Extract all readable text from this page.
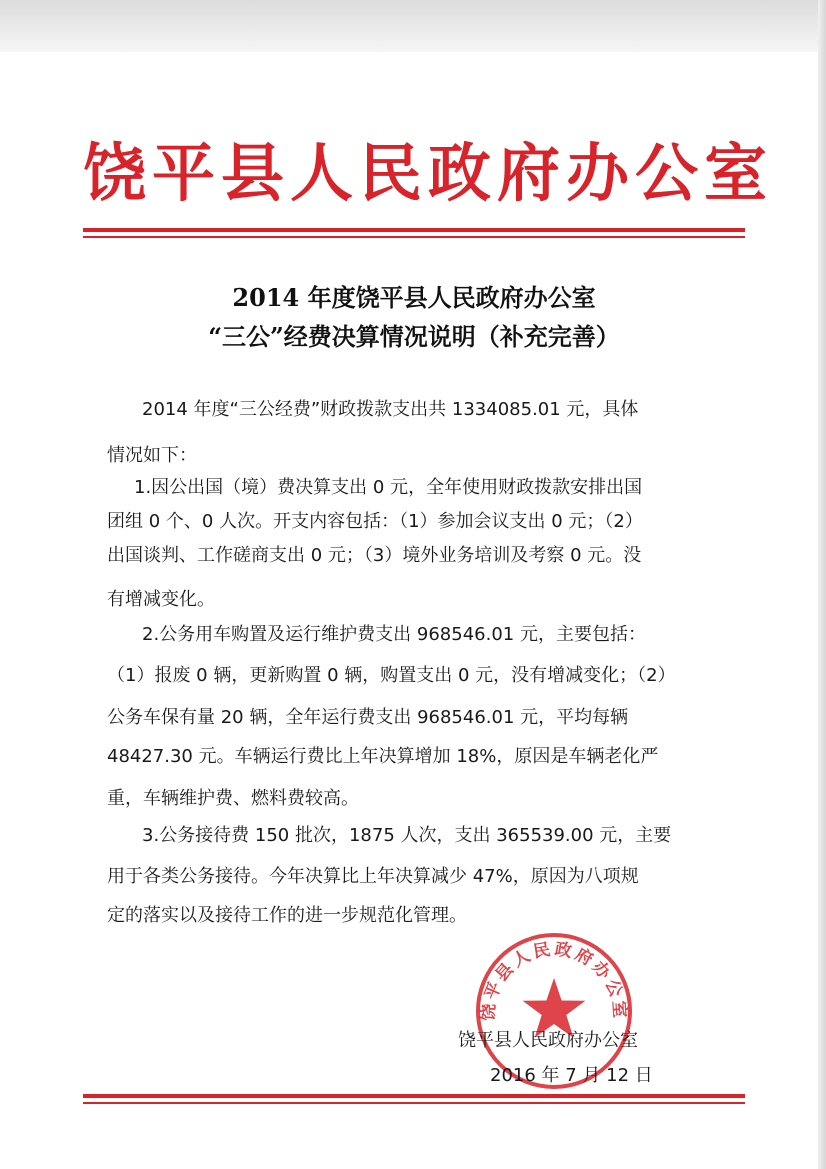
饶平县人民政府办公室
2014 年度饶平县人民政府办公室
“三公”经费决算情况说明（补充完善）
2014 年度“三公经费”财政拨款支出共 1334085.01 元，具体
情况如下：
1.因公出国（境）费决算支出 0 元，全年使用财政拨款安排出国
团组 0 个、0 人次。开支内容包括：（1）参加会议支出 0 元；（2）
出国谈判、工作磋商支出 0 元；（3）境外业务培训及考察 0 元。没
有增减变化。
2.公务用车购置及运行维护费支出 968546.01 元，主要包括：
（1）报废 0 辆，更新购置 0 辆，购置支出 0 元，没有增减变化；（2）
公务车保有量 20 辆，全年运行费支出 968546.01 元，平均每辆
48427.30 元。车辆运行费比上年决算增加 18%，原因是车辆老化严
重，车辆维护费、燃料费较高。
3.公务接待费 150 批次，1875 人次，支出 365539.00 元，主要
用于各类公务接待。今年决算比上年决算减少 47%，原因为八项规
定的落实以及接待工作的进一步规范化管理。
饶平县人民政府办公室
饶平县人民政府办公室
2016 年 7 月 12 日
